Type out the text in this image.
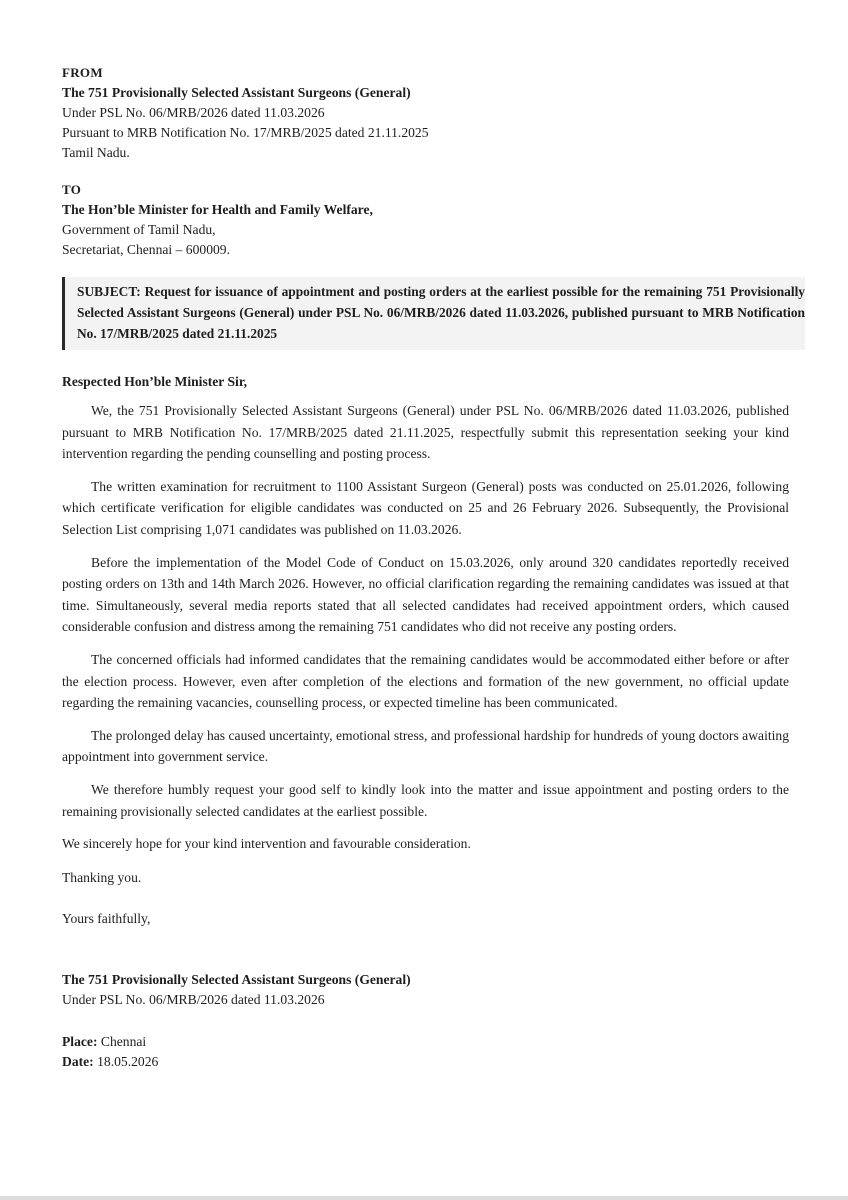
FROM
The 751 Provisionally Selected Assistant Surgeons (General)
Under PSL No. 06/MRB/2026 dated 11.03.2026
Pursuant to MRB Notification No. 17/MRB/2025 dated 21.11.2025
Tamil Nadu.
TO
The Hon’ble Minister for Health and Family Welfare,
Government of Tamil Nadu,
Secretariat, Chennai – 600009.
SUBJECT: Request for issuance of appointment and posting orders at the earliest possible for the remaining 751 Provisionally Selected Assistant Surgeons (General) under PSL No. 06/MRB/2026 dated 11.03.2026, published pursuant to MRB Notification No. 17/MRB/2025 dated 21.11.2025
Respected Hon’ble Minister Sir,

We, the 751 Provisionally Selected Assistant Surgeons (General) under PSL No. 06/MRB/2026 dated 11.03.2026, published pursuant to MRB Notification No. 17/MRB/2025 dated 21.11.2025, respectfully submit this representation seeking your kind intervention regarding the pending counselling and posting process.

The written examination for recruitment to 1100 Assistant Surgeon (General) posts was conducted on 25.01.2026, following which certificate verification for eligible candidates was conducted on 25 and 26 February 2026. Subsequently, the Provisional Selection List comprising 1,071 candidates was published on 11.03.2026.

Before the implementation of the Model Code of Conduct on 15.03.2026, only around 320 candidates reportedly received posting orders on 13th and 14th March 2026. However, no official clarification regarding the remaining candidates was issued at that time. Simultaneously, several media reports stated that all selected candidates had received appointment orders, which caused considerable confusion and distress among the remaining 751 candidates who did not receive any posting orders.

The concerned officials had informed candidates that the remaining candidates would be accommodated either before or after the election process. However, even after completion of the elections and formation of the new government, no official update regarding the remaining vacancies, counselling process, or expected timeline has been communicated.

The prolonged delay has caused uncertainty, emotional stress, and professional hardship for hundreds of young doctors awaiting appointment into government service.

We therefore humbly request your good self to kindly look into the matter and issue appointment and posting orders to the remaining provisionally selected candidates at the earliest possible.

We sincerely hope for your kind intervention and favourable consideration.

Thanking you.
Yours faithfully,
The 751 Provisionally Selected Assistant Surgeons (General)
Under PSL No. 06/MRB/2026 dated 11.03.2026
Place: Chennai
Date: 18.05.2026
